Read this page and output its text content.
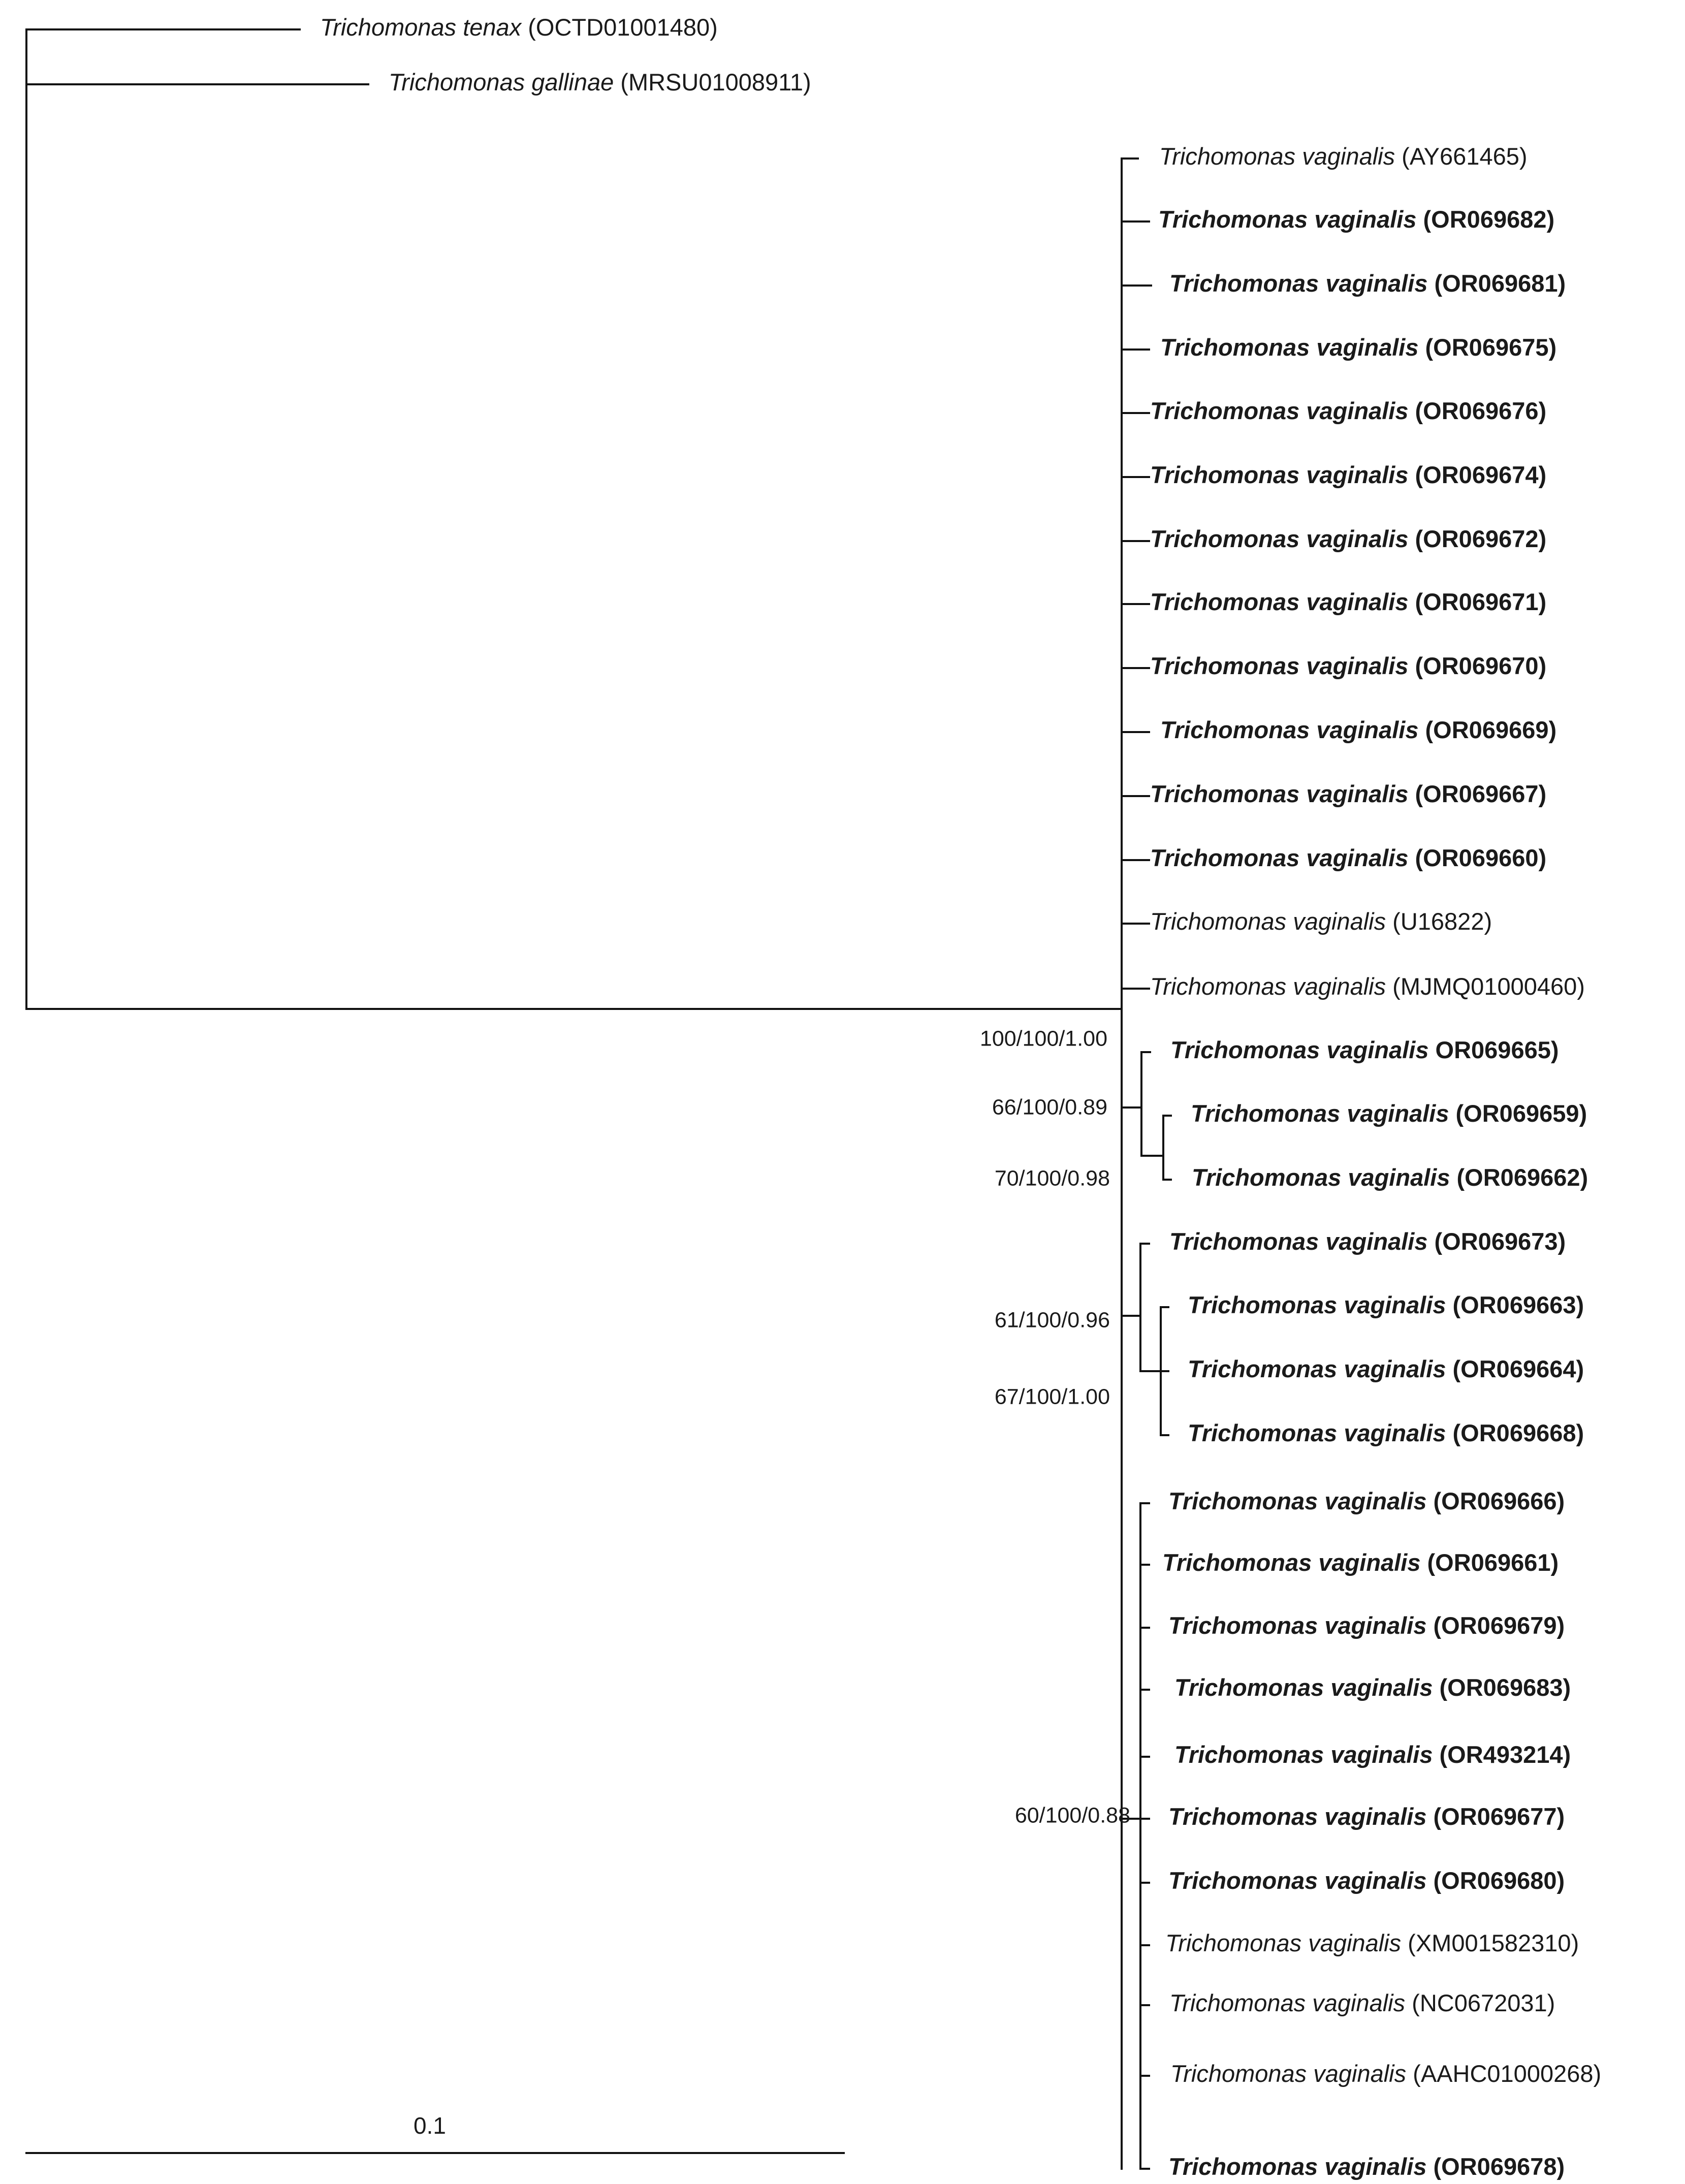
Trichomonas tenax (OCTD01001480)
Trichomonas gallinae (MRSU01008911)
Trichomonas vaginalis (AY661465)
Trichomonas vaginalis (OR069682)
Trichomonas vaginalis (OR069681)
Trichomonas vaginalis (OR069675)
Trichomonas vaginalis (OR069676)
Trichomonas vaginalis (OR069674)
Trichomonas vaginalis (OR069672)
Trichomonas vaginalis (OR069671)
Trichomonas vaginalis (OR069670)
Trichomonas vaginalis (OR069669)
Trichomonas vaginalis (OR069667)
Trichomonas vaginalis (OR069660)
Trichomonas vaginalis (U16822)
Trichomonas vaginalis (MJMQ01000460)
Trichomonas vaginalis OR069665)
Trichomonas vaginalis (OR069659)
Trichomonas vaginalis (OR069662)
Trichomonas vaginalis (OR069673)
Trichomonas vaginalis (OR069663)
Trichomonas vaginalis (OR069664)
Trichomonas vaginalis (OR069668)
Trichomonas vaginalis (OR069666)
Trichomonas vaginalis (OR069661)
Trichomonas vaginalis (OR069679)
Trichomonas vaginalis (OR069683)
Trichomonas vaginalis (OR493214)
Trichomonas vaginalis (OR069677)
Trichomonas vaginalis (OR069680)
Trichomonas vaginalis (XM001582310)
Trichomonas vaginalis (NC0672031)
Trichomonas vaginalis (AAHC01000268)
Trichomonas vaginalis (OR069678)
100/100/1.00
66/100/0.89
70/100/0.98
61/100/0.96
67/100/1.00
60/100/0.88
0.1
